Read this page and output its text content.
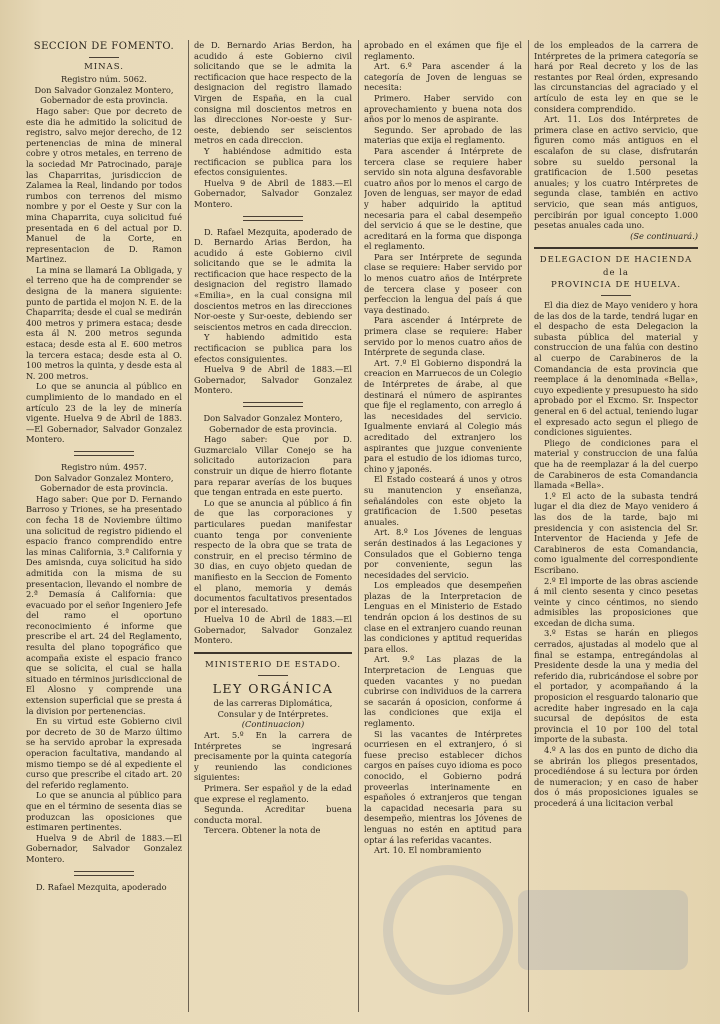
SECCION DE FOMENTO.
MINAS.

Registro núm. 5062.

Don Salvador Gonzalez Montero, Gobernador de esta provincia.

Hago saber: Que por decreto de este dia he admitido la solicitud de registro, salvo mejor derecho, de 12 pertenencias de mina de mineral cobre y otros metales, en terreno de la sociedad Mr Patrocinado, paraje las Chaparritas, jurisdiccion de Zalamea la Real, lindando por todos rumbos con terrenos del mismo nombre y por el Oeste y Sur con la mina Chaparrita, cuya solicitud fué presentada en 6 del actual por D. Manuel de la Corte, en representacion de D. Ramon Martinez.

La mina se llamará La Obligada, y el terreno que ha de comprender se designa de la manera siguiente: punto de partida el mojon N. E. de la Chaparrita; desde el cual se medirán 400 metros y primera estaca; desde esta ál N. 200 metros segunda estaca; desde esta al E. 600 metros la tercera estaca; desde esta al O. 100 metros la quinta, y desde esta al N. 200 metros.

Lo que se anuncia al público en cumplimiento de lo mandado en el artículo 23 de la ley de minería vigente. Huelva 9 de Abril de 1883.—El Gobernador, Salvador Gonzalez Montero.

Registro núm. 4957.

Don Salvador Gonzalez Montero, Gobernador de esta provincia.

Hago saber: Que por D. Fernando Barroso y Triones, se ha presentado con fecha 18 de Noviembre último una solicitud de registro pidiendo el espacio franco comprendido entre las minas California, 3.ª California y Des amisnda, cuya solicitud ha sido admitida con la misma de su presentacion, llevando el nombre de 2.ª Demasía á California: que evacuado por el señor Ingeniero Jefe del ramo el oportuno reconocimiento é informe que prescribe el art. 24 del Reglamento, resulta del plano topográfico que acompaña existe el espacio franco que se solicita, el cual se halla situado en términos jurisdiccional de El Alosno y comprende una extension superficial que se presta á la division por pertenencias.

En su virtud este Gobierno civil por decreto de 30 de Marzo último se ha servido aprobar la expresada operacion facultativa, mandando al mismo tiempo se dé al expediente el curso que prescribe el citado art. 20 del referido reglamento.

Lo que se anuncia al público para que en el término de sesenta dias se produzcan las oposiciones que estimaren pertinentes.

Huelva 9 de Abril de 1883.—El Gobernador, Salvador Gonzalez Montero.

D. Rafael Mezquita, apoderado

de D. Bernardo Arias Berdon, ha acudido á este Gobierno civil solicitando que se le admita la rectificacion que hace respecto de la designacion del registro llamado Virgen de España, en la cual consigna mil doscientos metros en las direcciones Nor-oeste y Sur-oeste, debiendo ser seiscientos metros en cada direccion.

Y habiéndose admitido esta rectificacion se publica para los efectos consiguientes.

Huelva 9 de Abril de 1883.—El Gobernador, Salvador Gonzalez Montero.

D. Rafael Mezquita, apoderado de D. Bernardo Arias Berdon, ha acudido á este Gobierno civil solicitando que se le admita la rectificacion que hace respecto de la designacion del registro llamado «Emilia», en la cual consigna mil doscientos metros en las direcciones Nor-oeste y Sur-oeste, debiendo ser seiscientos metros en cada direccion.

Y habiendo admitido esta rectificacion se publica para los efectos consiguientes.

Huelva 9 de Abril de 1883.—El Gobernador, Salvador Gonzalez Montero.

Don Salvador Gonzalez Montero, Gobernador de esta provincia.

Hago saber: Que por D. Guzmarcialo Villar Conejo se ha solicitado autorizacion para construir un dique de hierro flotante para reparar averías de los buques que tengan entrada en este puerto.

Lo que se anuncia al público á fin de que las corporaciones y particulares puedan manifestar cuanto tenga por conveniente respecto de la obra que se trata de construir, en el preciso término de 30 dias, en cuyo objeto quedan de manifiesto en la Seccion de Fomento el plano, memoria y demás documentos facultativos presentados por el interesado.

Huelva 10 de Abril de 1883.—El Gobernador, Salvador Gonzalez Montero.

MINISTERIO DE ESTADO.
LEY ORGÁNICA

de las carreras Diplomática, Consular y de Intérpretes.

(Continuacion)

Art. 5.º En la carrera de Intérpretes se ingresará precisamente por la quinta categoría y reuniendo las condiciones siguientes:

Primera. Ser español y de la edad que exprese el reglamento.

Segunda. Acreditar buena conducta moral.

Tercera. Obtener la nota de

aprobado en el exámen que fije el reglamento.

Art. 6.º Para ascender á la categoría de Joven de lenguas se necesita:

Primero. Haber servido con aprovechamiento y buena nota dos años por lo menos de aspirante.

Segundo. Ser aprobado de las materias que exija el reglamento.

Para ascender á Intérprete de tercera clase se requiere haber servido sin nota alguna desfavorable cuatro años por lo menos el cargo de Joven de lenguas, ser mayor de edad y haber adquirido la aptitud necesaria para el cabal desempeño del servicio á que se le destine, que acreditará en la forma que disponga el reglamento.

Para ser Intérprete de segunda clase se requiere: Haber servido por lo menos cuatro años de Intérprete de tercera clase y poseer con perfeccion la lengua del país á que vaya destinado.

Para ascender á Intérprete de primera clase se requiere: Haber servido por lo menos cuatro años de Intérprete de segunda clase.

Art. 7.º El Gobierno dispondrá la creacion en Marruecos de un Colegio de Intérpretes de árabe, al que destinará el número de aspirantes que fije el reglamento, con arreglo á las necesidades del servicio. Igualmente enviará al Colegio más acreditado del extranjero los aspirantes que juzgue conveniente para el estudio de los idiomas turco, chino y japonés.

El Estado costeará á unos y otros su manutencion y enseñanza, señalándoles con este objeto la gratificacion de 1.500 pesetas anuales.

Art. 8.º Los Jóvenes de lenguas serán destinados á las Legaciones y Consulados que el Gobierno tenga por conveniente, segun las necesidades del servicio.

Los empleados que desempeñen plazas de la Interpretacion de Lenguas en el Ministerio de Estado tendrán opcion á los destinos de su clase en el extranjero cuando reunan las condiciones y aptitud requeridas para ellos.

Art. 9.º Las plazas de la Interpretacion de Lenguas que queden vacantes y no puedan cubrirse con individuos de la carrera se sacarán á oposicion, conforme á las condiciones que exija el reglamento.

Si las vacantes de Intérpretes ocurriesen en el extranjero, ó si fuese preciso establecer dichos cargos en países cuyo idioma es poco conocido, el Gobierno podrá proveerlas interinamente en españoles ó extranjeros que tengan la capacidad necesaria para su desempeño, mientras los Jóvenes de lenguas no estén en aptitud para optar á las referidas vacantes.

Art. 10. El nombramiento

de los empleados de la carrera de Intérpretes de la primera categoría se hará por Real decreto y los de las restantes por Real órden, expresando las circunstancias del agraciado y el artículo de esta ley en que se le considera comprendido.

Art. 11. Los dos Intérpretes de primera clase en activo servicio, que figuren como más antiguos en el escalafon de su clase, disfrutarán sobre su sueldo personal la gratificacion de 1.500 pesetas anuales; y los cuatro Intérpretes de segunda clase, también en activo servicio, que sean más antiguos, percibirán por igual concepto 1.000 pesetas anuales cada uno.

(Se continuará.)

DELEGACION DE HACIENDA
de la
PROVINCIA DE HUELVA.

El dia diez de Mayo venidero y hora de las dos de la tarde, tendrá lugar en el despacho de esta Delegacion la subasta pública del material y construccion de una falúa con destino al cuerpo de Carabineros de la Comandancia de esta provincia que reemplace á la denominada «Bella», cuyo expediente y presupuesto ha sido aprobado por el Excmo. Sr. Inspector general en 6 del actual, teniendo lugar el expresado acto segun el pliego de condiciones siguientes.

Pliego de condiciones para el material y construccion de una falúa que ha de reemplazar á la del cuerpo de Carabineros de esta Comandancia llamada «Bella».

1.º El acto de la subasta tendrá lugar el dia diez de Mayo venidero á las dos de la tarde, bajo mi presidencia y con asistencia del Sr. Interventor de Hacienda y Jefe de Carabineros de esta Comandancia, como igualmente del correspondiente Escribano.

2.º El importe de las obras asciende á mil ciento sesenta y cinco pesetas veinte y cinco céntimos, no siendo admisibles las proposiciones que excedan de dicha suma.

3.º Estas se harán en pliegos cerrados, ajustadas al modelo que al final se estampa, entregándolas al Presidente desde la una y media del referido dia, rubricándose el sobre por el portador, y acompañando á la proposicion el resguardo talonario que acredite haber ingresado en la caja sucursal de depósitos de esta provincia el 10 por 100 del total importe de la subasta.

4.º A las dos en punto de dicho dia se abrirán los pliegos presentados, procediéndose á su lectura por órden de numeracion; y en caso de haber dos ó más proposiciones iguales se procederá á una licitacion verbal
